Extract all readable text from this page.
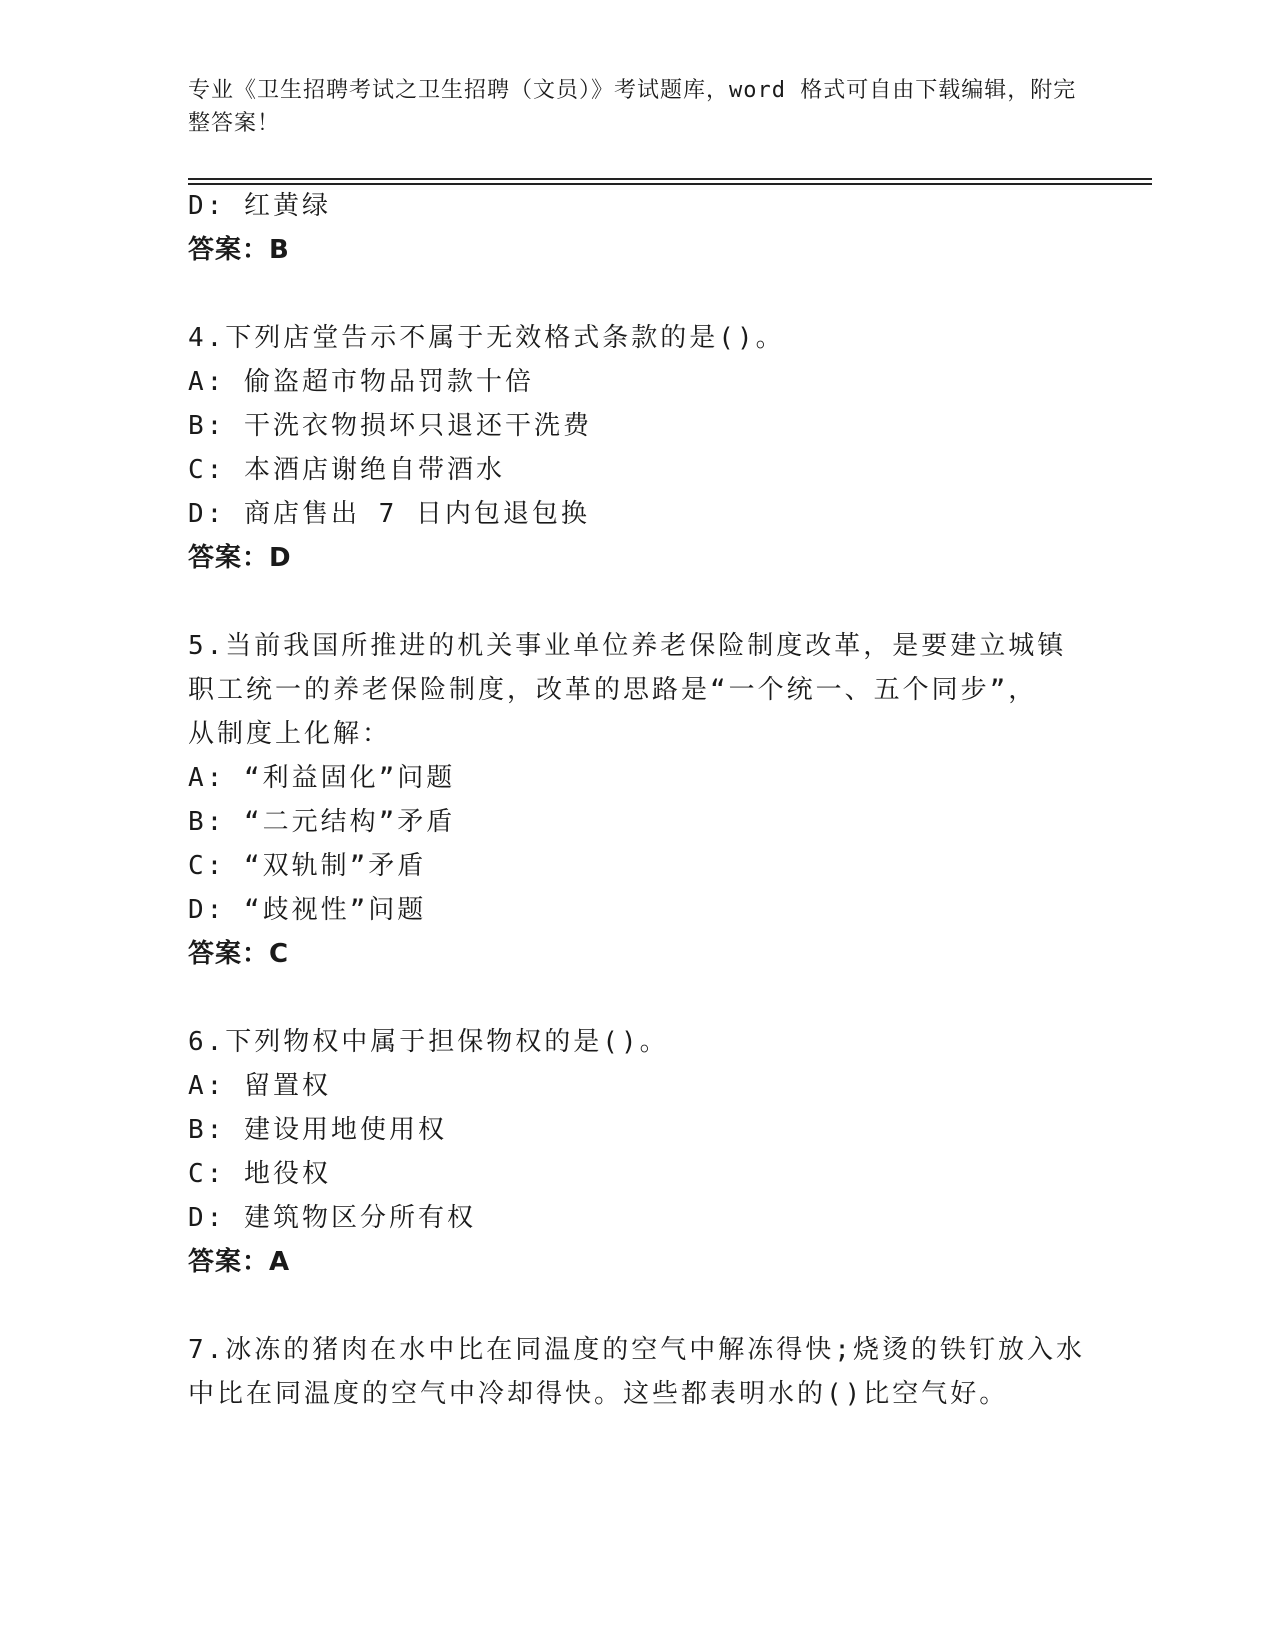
专业《卫生招聘考试之卫生招聘（文员）》考试题库，word 格式可自由下载编辑，附完整答案！
D: 红黄绿
答案：B
4.下列店堂告示不属于无效格式条款的是()。
A: 偷盗超市物品罚款十倍
B: 干洗衣物损坏只退还干洗费
C: 本酒店谢绝自带酒水
D: 商店售出 7 日内包退包换
答案：D
5.当前我国所推进的机关事业单位养老保险制度改革，是要建立城镇
职工统一的养老保险制度，改革的思路是“一个统一、五个同步”，
从制度上化解：
A: “利益固化”问题
B: “二元结构”矛盾
C: “双轨制”矛盾
D: “歧视性”问题
答案：C
6.下列物权中属于担保物权的是()。
A: 留置权
B: 建设用地使用权
C: 地役权
D: 建筑物区分所有权
答案：A
7.冰冻的猪肉在水中比在同温度的空气中解冻得快;烧烫的铁钉放入水
中比在同温度的空气中冷却得快。这些都表明水的()比空气好。
